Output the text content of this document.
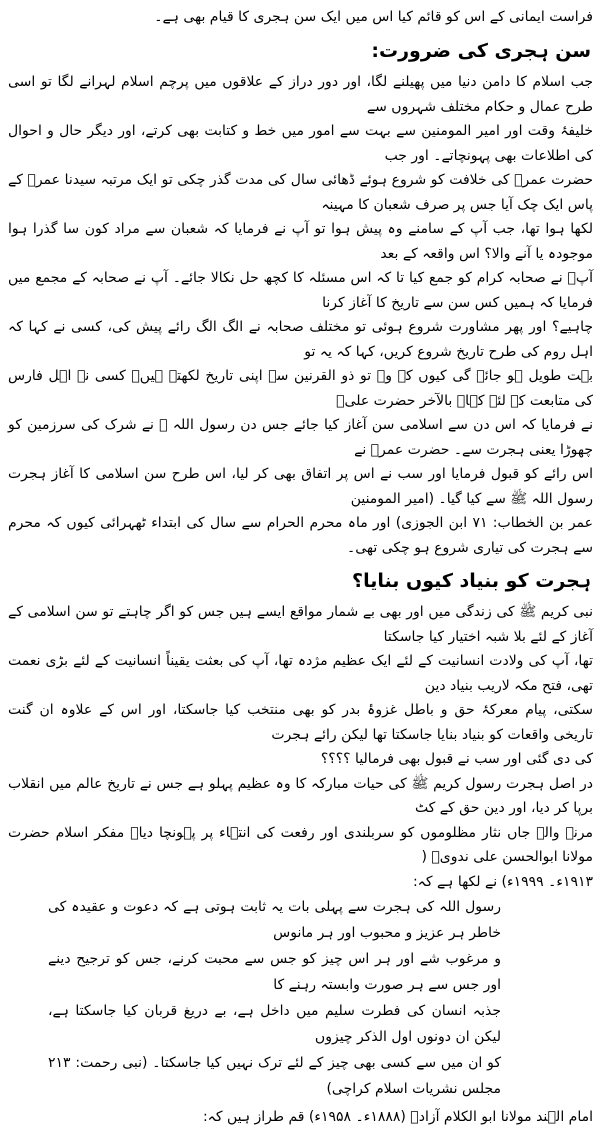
فراست ایمانی کے اس کو قائم کیا اس میں ایک سن ہجری کا قیام بھی ہے۔

سن ہجری کی ضرورت:

جب اسلام کا دامن دنیا میں پھیلنے لگا، اور دور دراز کے علاقوں میں پرچم اسلام لہرانے لگا تو اسی طرح عمال و حکام مختلف شہروں سے

خلیفۂ وقت اور امیر المومنین سے بہت سے امور میں خط و کتابت بھی کرتے، اور دیگر حال و احوال کی اطلاعات بھی پہونچاتے۔ اور جب

حضرت عمرؓ کی خلافت کو شروع ہوئے ڈھائی سال کی مدت گذر چکی تو ایک مرتبہ سیدنا عمرؓ کے پاس ایک چک آیا جس پر صرف شعبان کا مہینہ

لکھا ہوا تھا، جب آپ کے سامنے وہ پیش ہوا تو آپ نے فرمایا کہ شعبان سے مراد کون سا گذرا ہوا موجودہ یا آنے والا؟ اس واقعہ کے بعد

آپؓ نے صحابہ کرام کو جمع کیا تا کہ اس مسئلہ کا کچھ حل نکالا جائے۔ آپ نے صحابہ کے مجمع میں فرمایا کہ ہمیں کس سن سے تاریخ کا آغاز کرنا

چاہیے؟ اور پھر مشاورت شروع ہوئی تو مختلف صحابہ نے الگ الگ رائے پیش کی، کسی نے کہا کہ اہل روم کی طرح تاریخ شروع کریں، کہا کہ یہ تو

بہت طویل ہو جائے گی کیوں کہ وہ تو ذو القرنین سے اپنی تاریخ لکھتے ہیں۔ کسی نے اہل فارس کی متابعت کے لئے کہا۔ بالآخر حضرت علیؓ

نے فرمایا کہ اس دن سے اسلامی سن آغاز کیا جائے جس دن رسول اللہ ﷺ نے شرک کی سرزمین کو چھوڑا یعنی ہجرت سے۔ حضرت عمرؓ نے

اس رائے کو قبول فرمایا اور سب نے اس پر اتفاق بھی کر لیا، اس طرح سن اسلامی کا آغاز ہجرت رسول اللہ ﷺ سے کیا گیا۔ (امیر المومنین

عمر بن الخطاب: ۷۱ ابن الجوزی) اور ماہ محرم الحرام سے سال کی ابتداء ٹھہرائی کیوں کہ محرم سے ہجرت کی تیاری شروع ہو چکی تھی۔

ہجرت کو بنیاد کیوں بنایا؟

نبی کریم ﷺ کی زندگی میں اور بھی بے شمار مواقع ایسے ہیں جس کو اگر چاہتے تو سن اسلامی کے آغاز کے لئے بلا شبہ اختیار کیا جاسکتا

تھا، آپ کی ولادت انسانیت کے لئے ایک عظیم مژدہ تھا، آپ کی بعثت یقیناً انسانیت کے لئے بڑی نعمت تھی، فتح مکہ لاریب بنیاد دین

سکتی، پیام معرکۂ حق و باطل غزوۂ بدر کو بھی منتخب کیا جاسکتا، اور اس کے علاوہ ان گنت تاریخی واقعات کو بنیاد بنایا جاسکتا تھا لیکن رائے ہجرت

کی دی گئی اور سب نے قبول بھی فرمالیا ؟؟؟؟

در اصل ہجرت رسول کریم ﷺ کی حیات مبارکہ کا وہ عظیم پہلو ہے جس نے تاریخ عالم میں انقلاب برپا کر دیا، اور دین حق کے کٹ

مرنے والے جاں نثار مظلوموں کو سربلندی اور رفعت کی انتہاء پر پہونچا دیا۔ مفکر اسلام حضرت مولانا ابوالحسن علی ندویؒ (

۱۹۱۳ء۔ ۱۹۹۹ء) نے لکھا ہے کہ:

رسول اللہ کی ہجرت سے پہلی بات یہ ثابت ہوتی ہے کہ دعوت و عقیدہ کی خاطر ہر عزیز و محبوب اور ہر مانوس

و مرغوب شے اور ہر اس چیز کو جس سے محبت کرنے، جس کو ترجیح دینے اور جس سے ہر صورت وابستہ رہنے کا

جذبہ انسان کی فطرت سلیم میں داخل ہے، بے دریغ قربان کیا جاسکتا ہے، لیکن ان دونوں اول الذکر چیزوں

کو ان میں سے کسی بھی چیز کے لئے ترک نہیں کیا جاسکتا۔ (نبی رحمت: ۲۱۳ مجلس نشریات اسلام کراچی)

امام الہند مولانا ابو الکلام آزادؒ (۱۸۸۸ء۔ ۱۹۵۸ء) قم طراز ہیں کہ:
